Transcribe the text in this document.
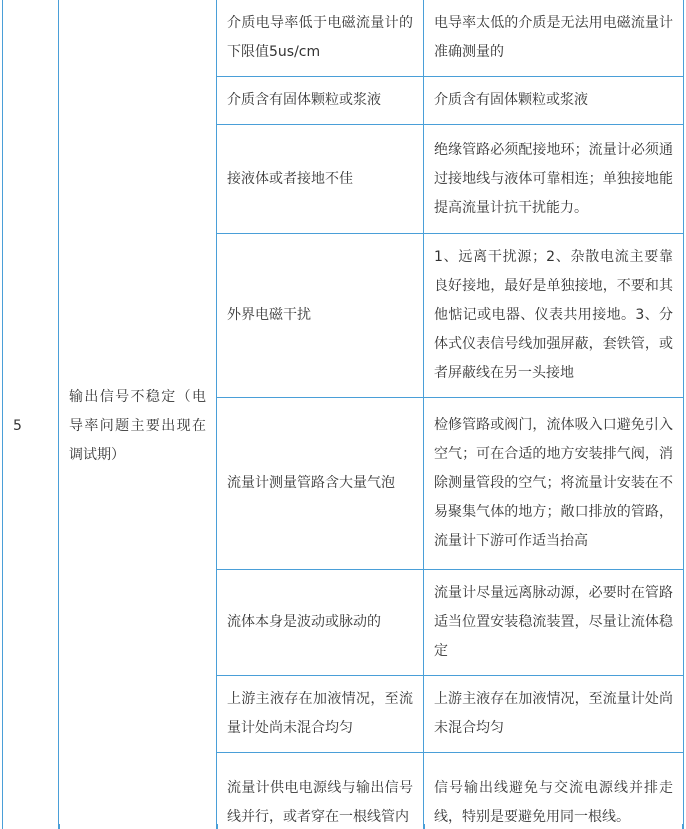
5	输出信号不稳定（电导率问题主要出现在调试期）	介质电导率低于电磁流量计的下限值5us/cm	电导率太低的介质是无法用电磁流量计准确测量的
		介质含有固体颗粒或浆液	介质含有固体颗粒或浆液
		接液体或者接地不佳	绝缘管路必须配接地环；流量计必须通过接地线与液体可靠相连；单独接地能提高流量计抗干扰能力。
		外界电磁干扰	1、远离干扰源；2、杂散电流主要靠良好接地，最好是单独接地，不要和其他惦记或电器、仪表共用接地。3、分体式仪表信号线加强屏蔽，套铁管，或者屏蔽线在另一头接地
		流量计测量管路含大量气泡	检修管路或阀门，流体吸入口避免引入空气；可在合适的地方安装排气阀，消除测量管段的空气；将流量计安装在不易聚集气体的地方；敞口排放的管路，流量计下游可作适当抬高
		流体本身是波动或脉动的	流量计尽量远离脉动源，必要时在管路适当位置安装稳流装置，尽量让流体稳定
		上游主液存在加液情况，至流量计处尚未混合均匀	上游主液存在加液情况，至流量计处尚未混合均匀
		流量计供电电源线与输出信号线并行，或者穿在一根线管内	信号输出线避免与交流电源线并排走线，特别是要避免用同一根线。
